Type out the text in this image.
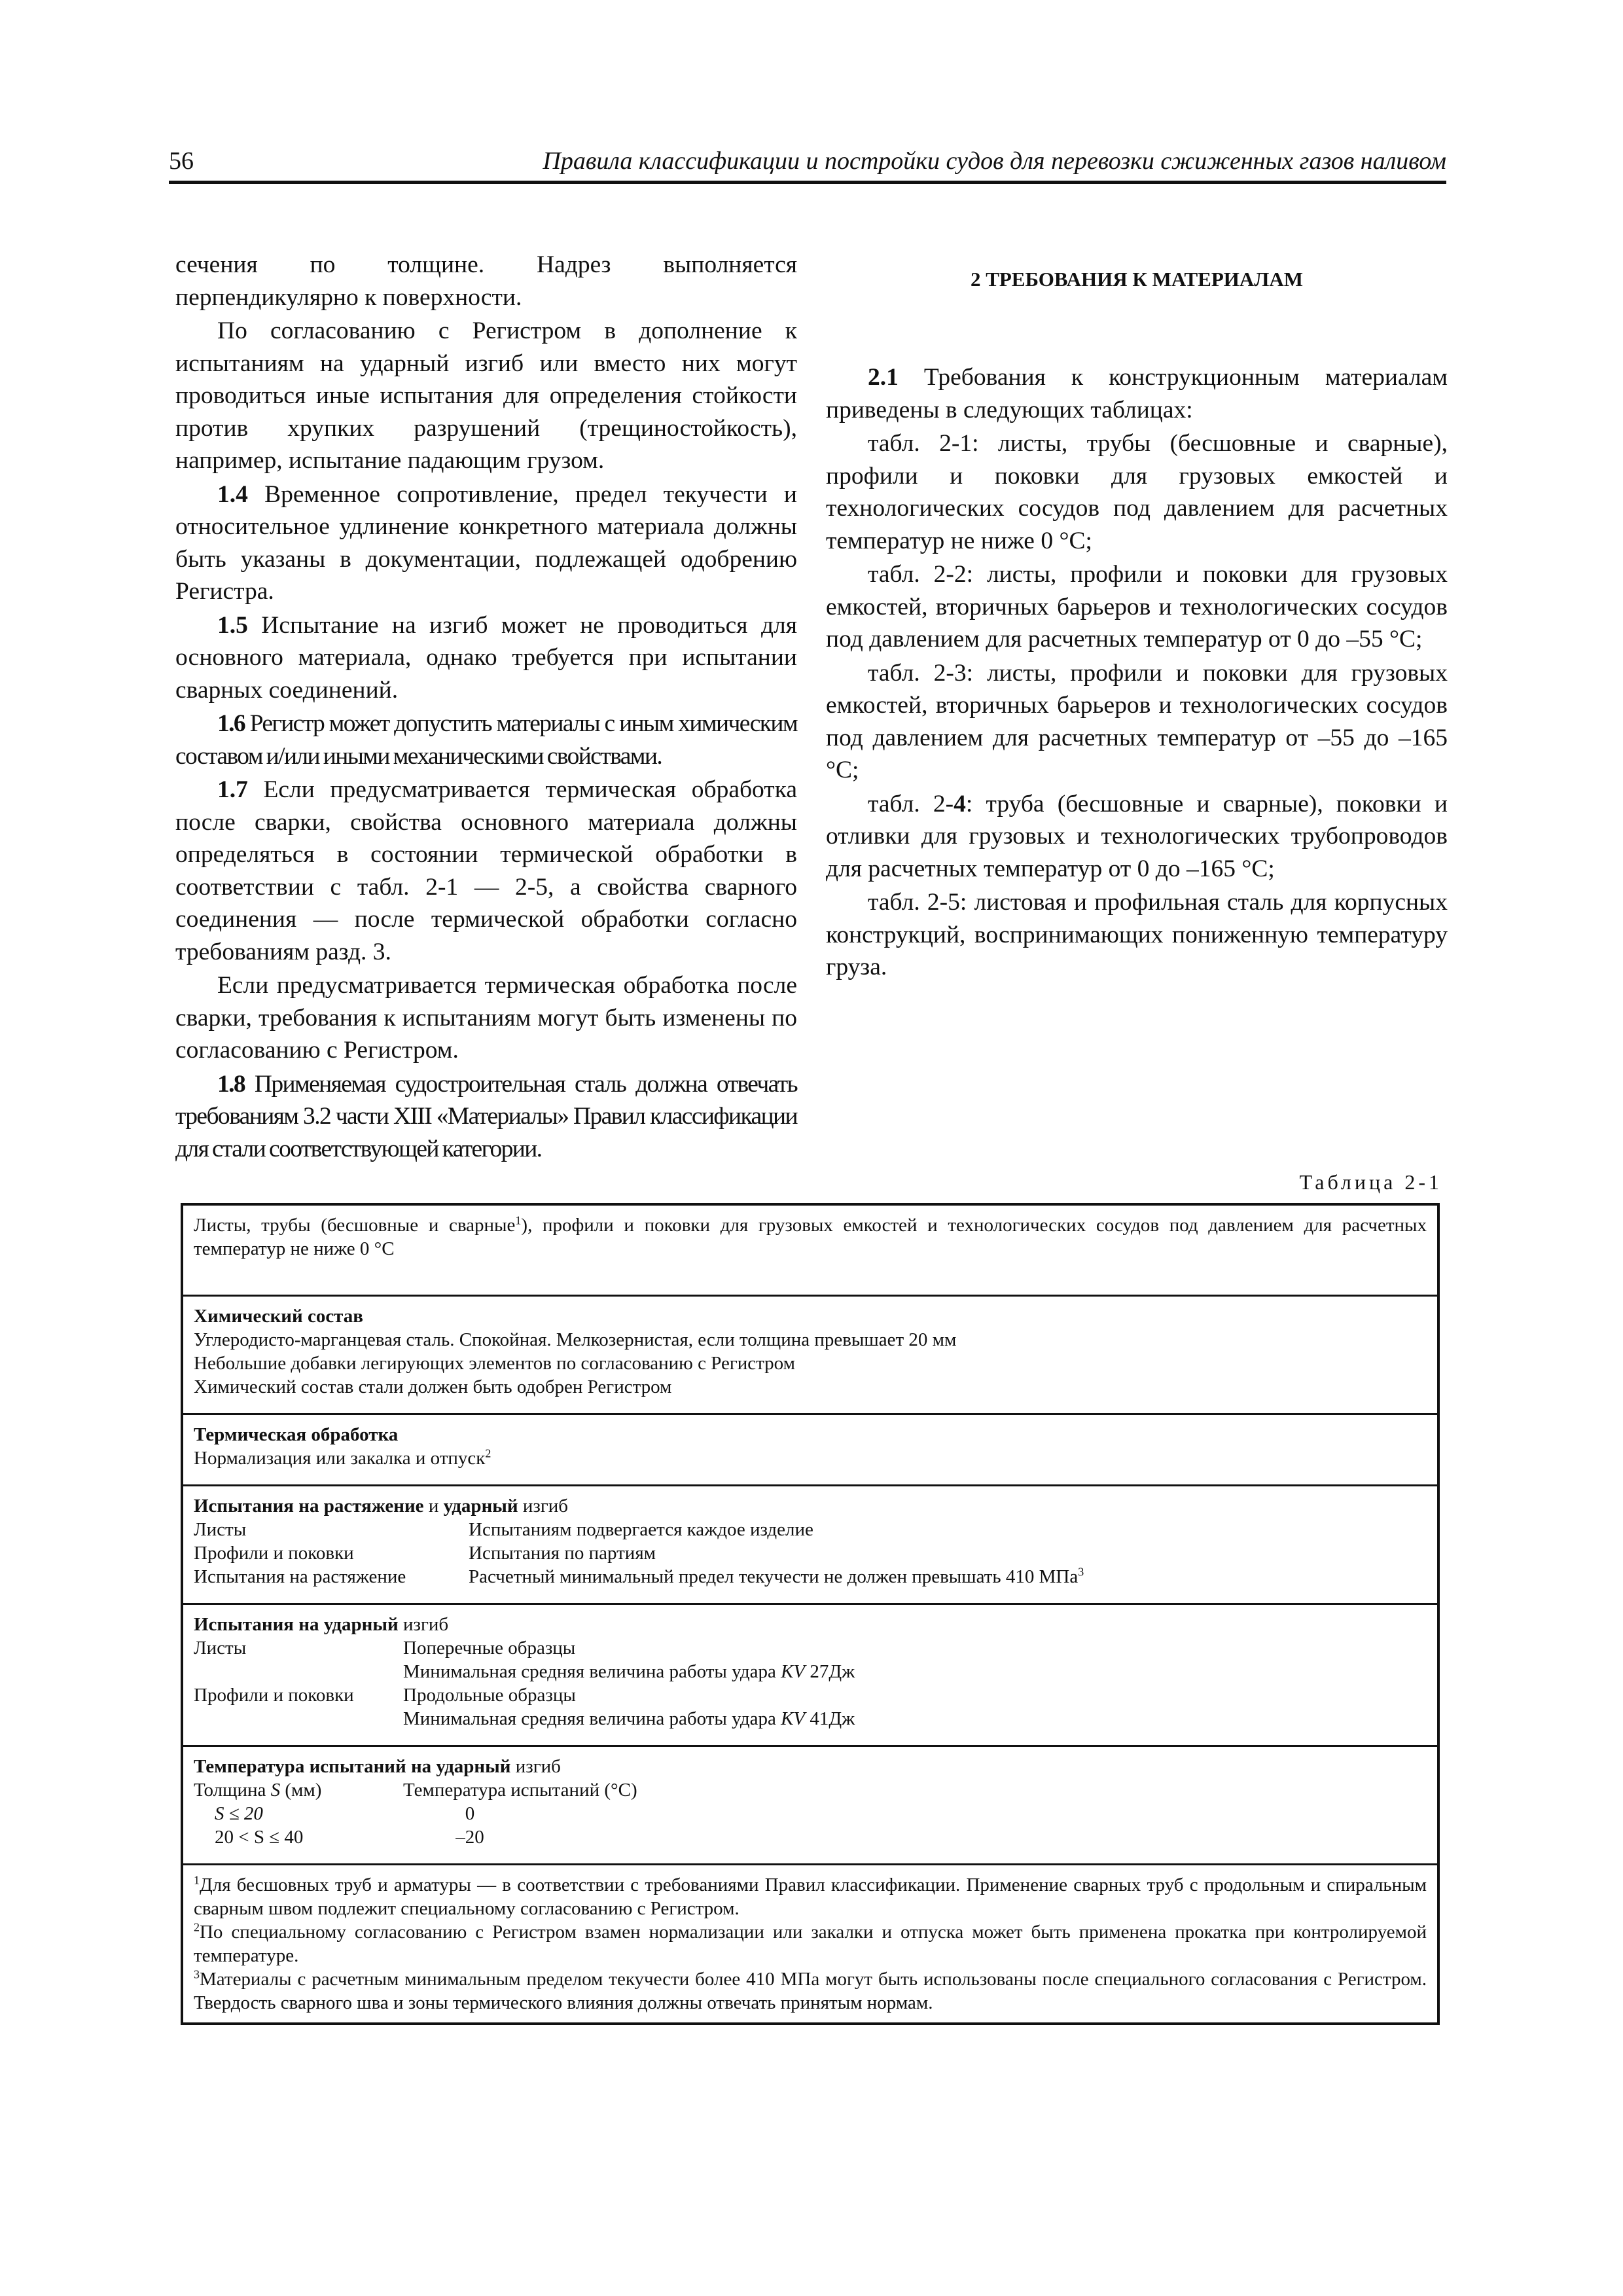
56	Правила классификации и постройки судов для перевозки сжиженных газов наливом

сечения по толщине. Надрез выполняется перпендикулярно к поверхности.

По согласованию с Регистром в дополнение к испытаниям на ударный изгиб или вместо них могут проводиться иные испытания для определения стойкости против хрупких разрушений (трещиностойкость), например, испытание падающим грузом.

1.4 Временное сопротивление, предел текучести и относительное удлинение конкретного материала должны быть указаны в документации, подлежащей одобрению Регистра.

1.5 Испытание на изгиб может не проводиться для основного материала, однако требуется при испытании сварных соединений.

1.6 Регистр может допустить материалы с иным химическим составом и/или иными механическими свойствами.

1.7 Если предусматривается термическая обработка после сварки, свойства основного материала должны определяться в состоянии термической обработки в соответствии с табл. 2-1 — 2-5, а свойства сварного соединения — после термической обработки согласно требованиям разд. 3.

Если предусматривается термическая обработка после сварки, требования к испытаниям могут быть изменены по согласованию с Регистром.

1.8 Применяемая судостроительная сталь должна отвечать требованиям 3.2 части XIII «Материалы» Правил классификации для стали соответствующей категории.

2 ТРЕБОВАНИЯ К МАТЕРИАЛАМ

2.1 Требования к конструкционным материалам приведены в следующих таблицах:

табл. 2-1: листы, трубы (бесшовные и сварные), профили и поковки для грузовых емкостей и технологических сосудов под давлением для расчетных температур не ниже 0 °С;

табл. 2-2: листы, профили и поковки для грузовых емкостей, вторичных барьеров и технологических сосудов под давлением для расчетных температур от 0 до –55 °С;

табл. 2-3: листы, профили и поковки для грузовых емкостей, вторичных барьеров и технологических сосудов под давлением для расчетных температур от –55 до –165 °С;

табл. 2-4: труба (бесшовные и сварные), поковки и отливки для грузовых и технологических трубопроводов для расчетных температур от 0 до –165 °С;

табл. 2-5: листовая и профильная сталь для корпусных конструкций, воспринимающих пониженную температуру груза.

Таблица 2-1
Листы, трубы (бесшовные и сварные$^1$), профили и поковки для грузовых емкостей и технологических сосудов под давлением для расчетных температур не ниже 0 °С
Химический состав
Углеродисто-марганцевая сталь. Спокойная. Мелкозернистая, если толщина превышает 20 мм
Небольшие добавки легирующих элементов по согласованию с Регистром
Химический состав стали должен быть одобрен Регистром
Термическая обработка
Нормализация или закалка и отпуск$^2$
Испытания на растяжение и ударный изгиб
Листы	Испытаниям подвергается каждое изделие
Профили и поковки	Испытания по партиям
Испытания на растяжение	Расчетный минимальный предел текучести не должен превышать 410 МПа$^3$
Испытания на ударный изгиб
Листы	Поперечные образцы
Минимальная средняя величина работы удара KV 27Дж
Профили и поковки	Продольные образцы
Минимальная средняя величина работы удара KV 41Дж
Температура испытаний на ударный изгиб
Толщина S (мм)	Температура испытаний (°С)
S ≤ 20	0
20 < S ≤ 40	–20
$^1$Для бесшовных труб и арматуры — в соответствии с требованиями Правил классификации. Применение сварных труб с продольным и спиральным сварным швом подлежит специальному согласованию с Регистром.
$^2$По специальному согласованию с Регистром взамен нормализации или закалки и отпуска может быть применена прокатка при контролируемой температуре.
$^3$Материалы с расчетным минимальным пределом текучести более 410 МПа могут быть использованы после специального согласования с Регистром. Твердость сварного шва и зоны термического влияния должны отвечать принятым нормам.
